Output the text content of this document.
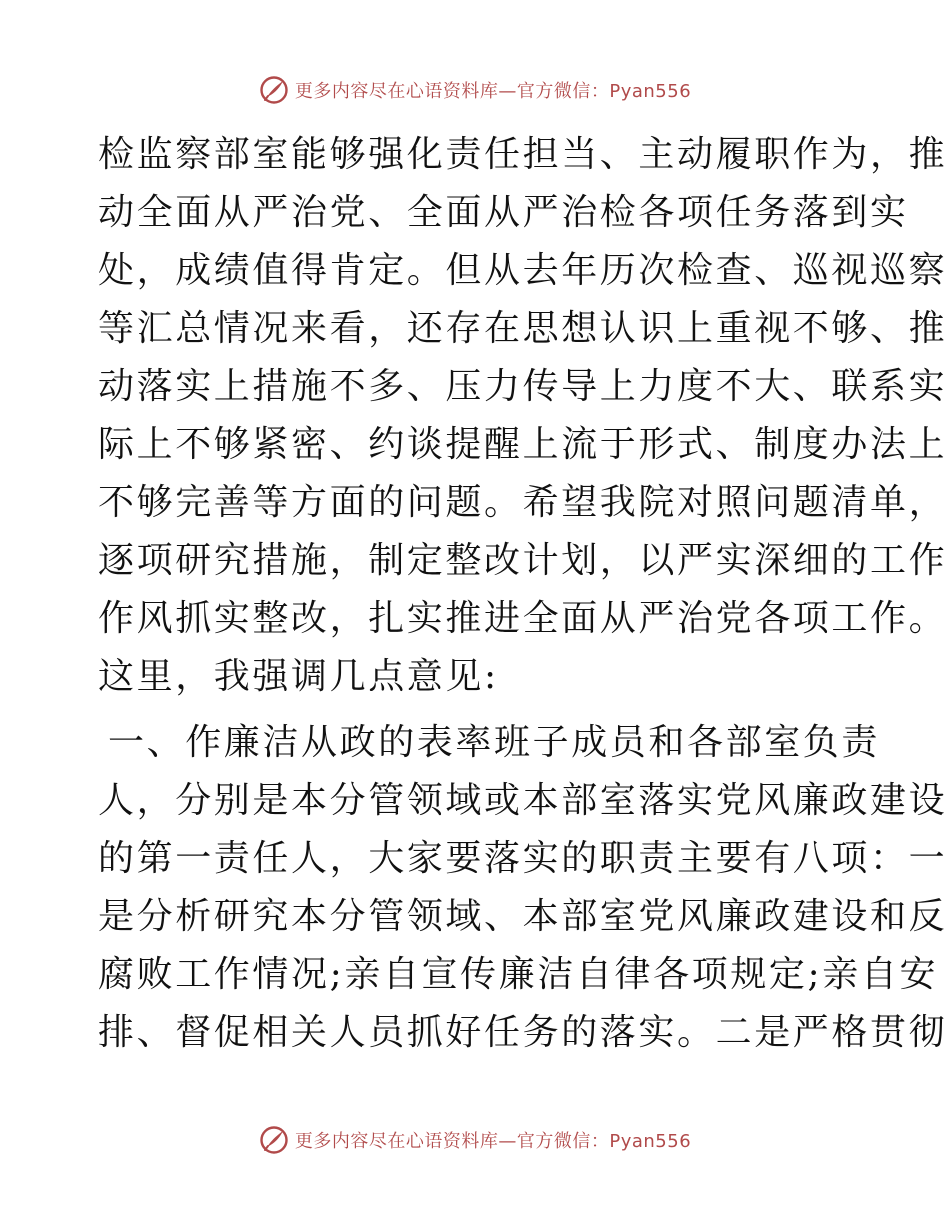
更多内容尽在心语资料库—官方微信：Pyan556
检监察部室能够强化责任担当、主动履职作为，推
动全面从严治党、全面从严治检各项任务落到实
处，成绩值得肯定。但从去年历次检查、巡视巡察
等汇总情况来看，还存在思想认识上重视不够、推
动落实上措施不多、压力传导上力度不大、联系实
际上不够紧密、约谈提醒上流于形式、制度办法上
不够完善等方面的问题。希望我院对照问题清单，
逐项研究措施，制定整改计划，以严实深细的工作
作风抓实整改，扎实推进全面从严治党各项工作。
这里，我强调几点意见:
一、作廉洁从政的表率班子成员和各部室负责
人，分别是本分管领域或本部室落实党风廉政建设
的第一责任人，大家要落实的职责主要有八项：一
是分析研究本分管领域、本部室党风廉政建设和反
腐败工作情况;亲自宣传廉洁自律各项规定;亲自安
排、督促相关人员抓好任务的落实。二是严格贯彻
更多内容尽在心语资料库—官方微信：Pyan556
